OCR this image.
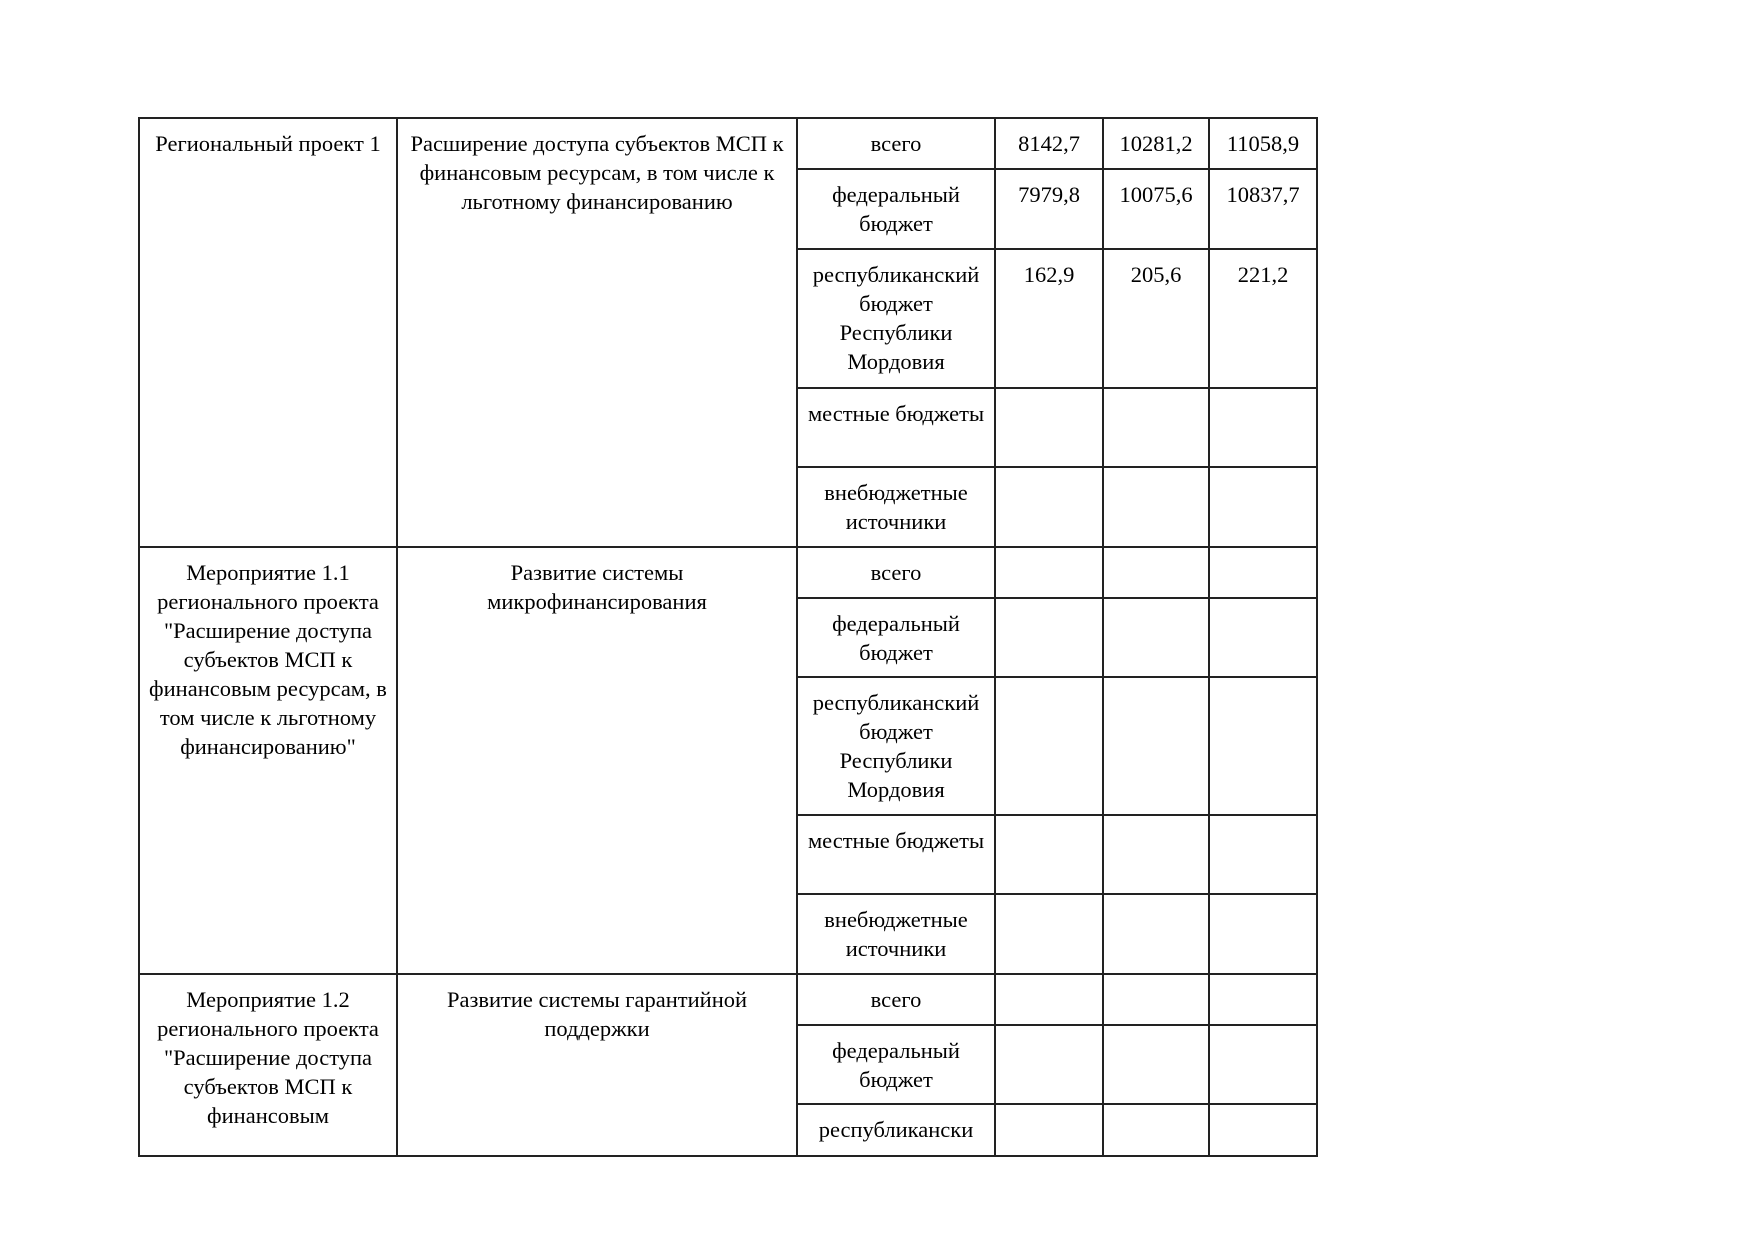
Региональный проект 1	Расширение доступа субъектов МСП к финансовым ресурсам, в том числе к льготному финансированию	всего	8142,7	10281,2	11058,9
		федеральный бюджет	7979,8	10075,6	10837,7
		республиканский бюджет Республики Мордовия	162,9	205,6	221,2
		местные бюджеты			
		внебюджетные источники			
Мероприятие 1.1 регионального проекта "Расширение доступа субъектов МСП к финансовым ресурсам, в том числе к льготному финансированию"	Развитие системы микрофинансирования	всего			
		федеральный бюджет			
		республиканский бюджет Республики Мордовия			
		местные бюджеты			
		внебюджетные источники			
Мероприятие 1.2 регионального проекта "Расширение доступа субъектов МСП к финансовым	Развитие системы гарантийной поддержки	всего			
		федеральный бюджет			
		республикански			
